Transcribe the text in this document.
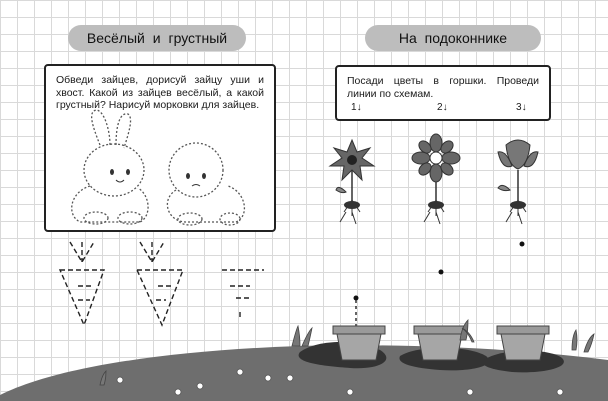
Весёлый и грустный	На подоконнике
Обведи зайцев, дорисуй зайцу уши и хвост. Какой из зайцев весёлый, а какой грустный? Нарисуй морковки для зайцев.
Посади цветы в горшки. Проведи линии по схемам.
1↓	2↓	3↓
